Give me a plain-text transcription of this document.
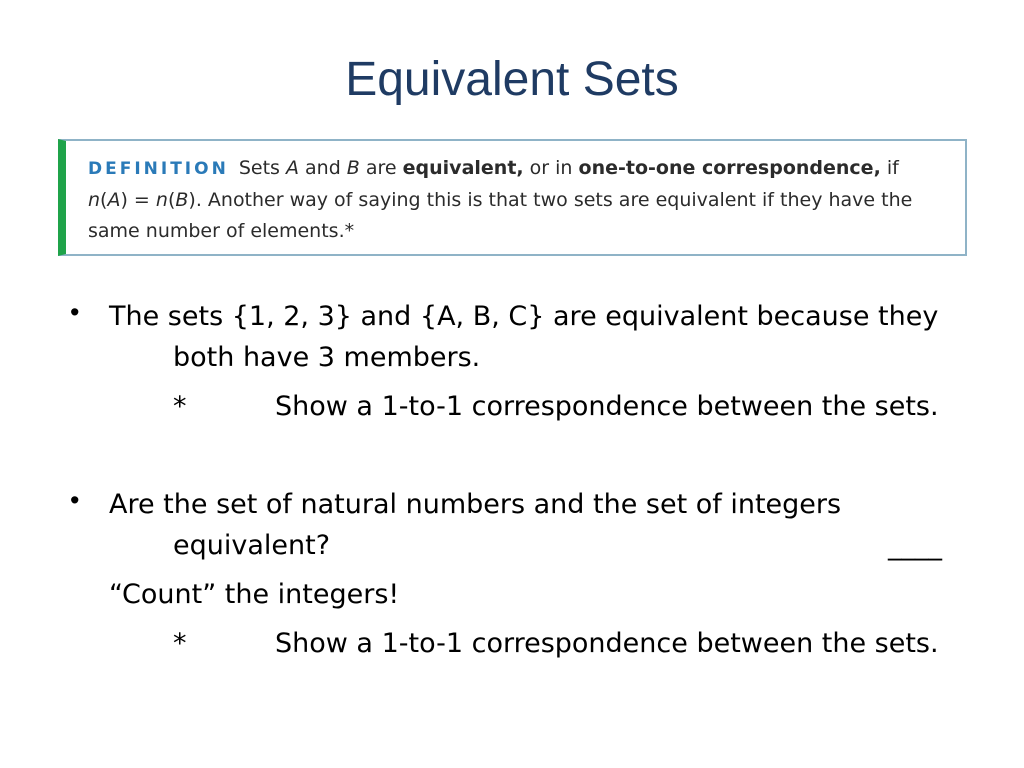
Equivalent Sets
DEFINITION Sets A and B are equivalent, or in one-to-one correspondence, if
n(A) = n(B). Another way of saying this is that two sets are equivalent if they have the
same number of elements.*
• The sets {1, 2, 3} and {A, B, C} are equivalent because they
both have 3 members.
*	Show a 1-to-1 correspondence between the sets.
• Are the set of natural numbers and the set of integers
equivalent?	____
“Count” the integers!
*	Show a 1-to-1 correspondence between the sets.
